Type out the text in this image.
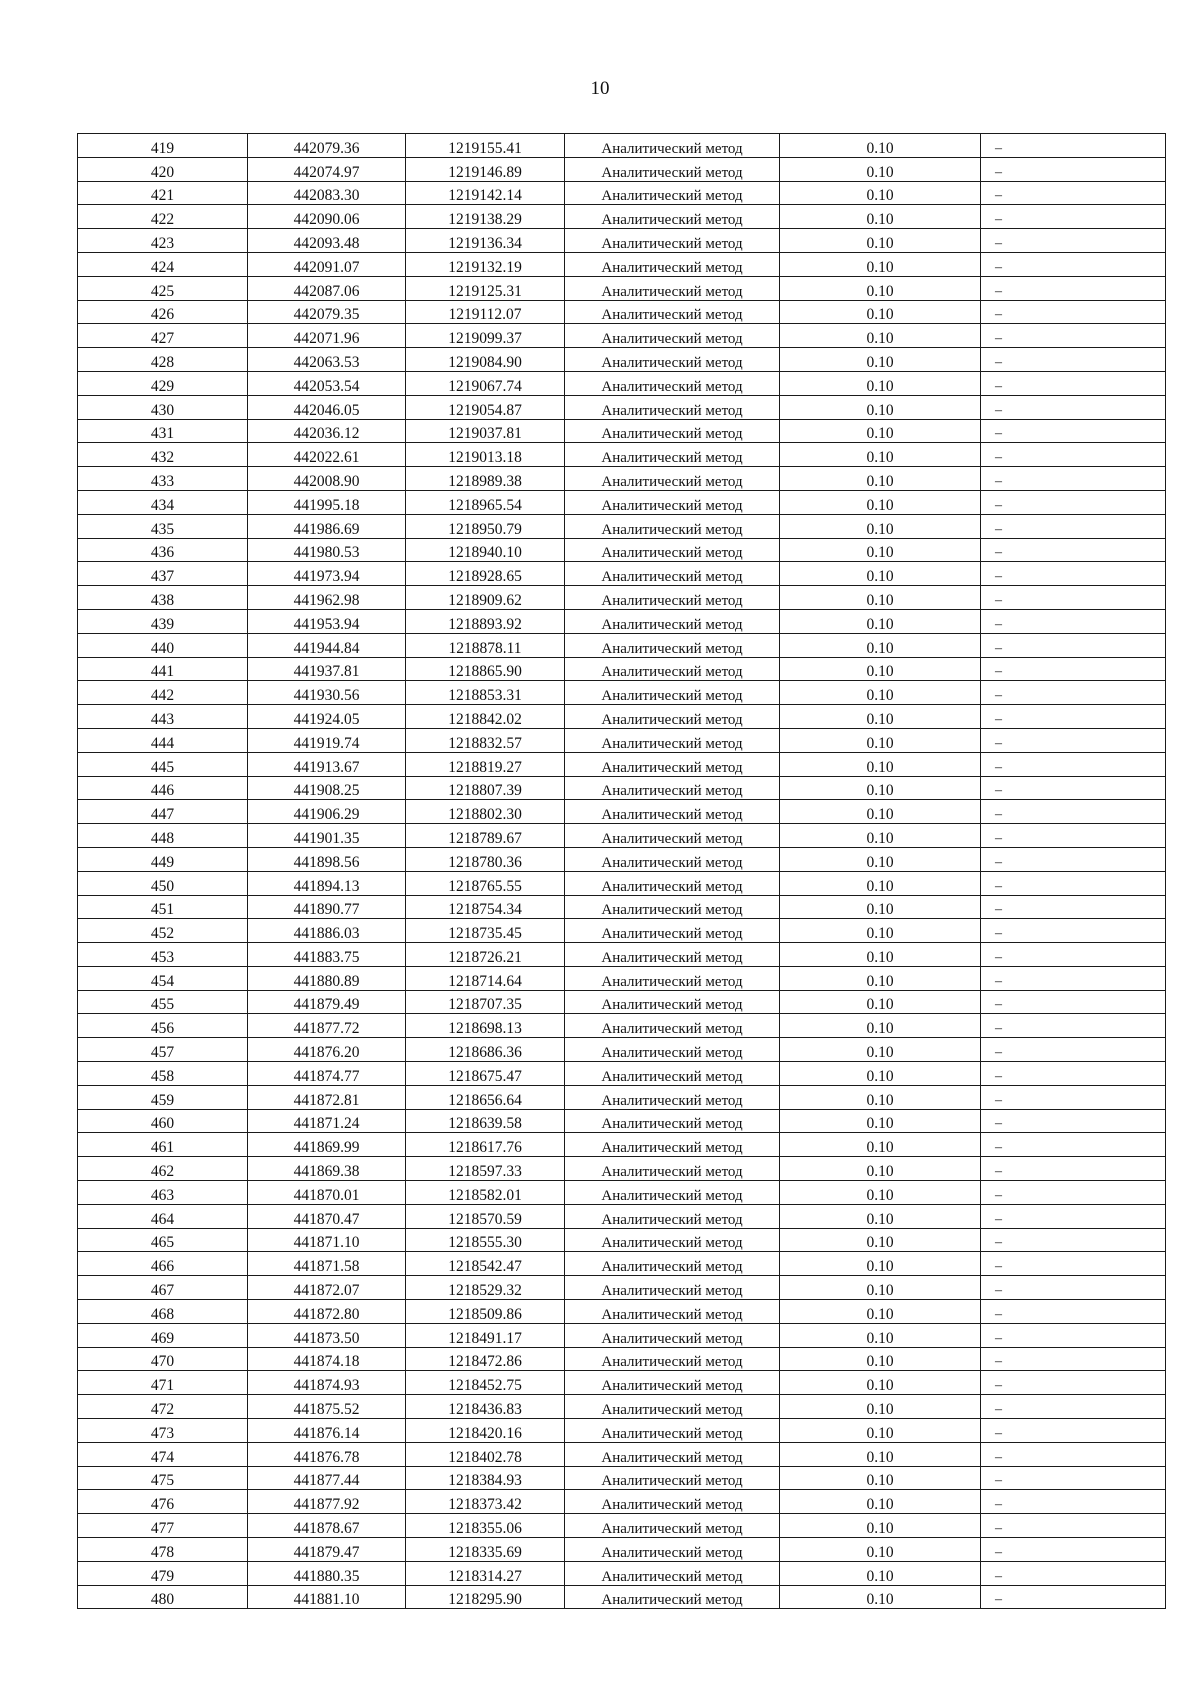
10
419	442079.36	1219155.41	Аналитический метод	0.10	–
420	442074.97	1219146.89	Аналитический метод	0.10	–
421	442083.30	1219142.14	Аналитический метод	0.10	–
422	442090.06	1219138.29	Аналитический метод	0.10	–
423	442093.48	1219136.34	Аналитический метод	0.10	–
424	442091.07	1219132.19	Аналитический метод	0.10	–
425	442087.06	1219125.31	Аналитический метод	0.10	–
426	442079.35	1219112.07	Аналитический метод	0.10	–
427	442071.96	1219099.37	Аналитический метод	0.10	–
428	442063.53	1219084.90	Аналитический метод	0.10	–
429	442053.54	1219067.74	Аналитический метод	0.10	–
430	442046.05	1219054.87	Аналитический метод	0.10	–
431	442036.12	1219037.81	Аналитический метод	0.10	–
432	442022.61	1219013.18	Аналитический метод	0.10	–
433	442008.90	1218989.38	Аналитический метод	0.10	–
434	441995.18	1218965.54	Аналитический метод	0.10	–
435	441986.69	1218950.79	Аналитический метод	0.10	–
436	441980.53	1218940.10	Аналитический метод	0.10	–
437	441973.94	1218928.65	Аналитический метод	0.10	–
438	441962.98	1218909.62	Аналитический метод	0.10	–
439	441953.94	1218893.92	Аналитический метод	0.10	–
440	441944.84	1218878.11	Аналитический метод	0.10	–
441	441937.81	1218865.90	Аналитический метод	0.10	–
442	441930.56	1218853.31	Аналитический метод	0.10	–
443	441924.05	1218842.02	Аналитический метод	0.10	–
444	441919.74	1218832.57	Аналитический метод	0.10	–
445	441913.67	1218819.27	Аналитический метод	0.10	–
446	441908.25	1218807.39	Аналитический метод	0.10	–
447	441906.29	1218802.30	Аналитический метод	0.10	–
448	441901.35	1218789.67	Аналитический метод	0.10	–
449	441898.56	1218780.36	Аналитический метод	0.10	–
450	441894.13	1218765.55	Аналитический метод	0.10	–
451	441890.77	1218754.34	Аналитический метод	0.10	–
452	441886.03	1218735.45	Аналитический метод	0.10	–
453	441883.75	1218726.21	Аналитический метод	0.10	–
454	441880.89	1218714.64	Аналитический метод	0.10	–
455	441879.49	1218707.35	Аналитический метод	0.10	–
456	441877.72	1218698.13	Аналитический метод	0.10	–
457	441876.20	1218686.36	Аналитический метод	0.10	–
458	441874.77	1218675.47	Аналитический метод	0.10	–
459	441872.81	1218656.64	Аналитический метод	0.10	–
460	441871.24	1218639.58	Аналитический метод	0.10	–
461	441869.99	1218617.76	Аналитический метод	0.10	–
462	441869.38	1218597.33	Аналитический метод	0.10	–
463	441870.01	1218582.01	Аналитический метод	0.10	–
464	441870.47	1218570.59	Аналитический метод	0.10	–
465	441871.10	1218555.30	Аналитический метод	0.10	–
466	441871.58	1218542.47	Аналитический метод	0.10	–
467	441872.07	1218529.32	Аналитический метод	0.10	–
468	441872.80	1218509.86	Аналитический метод	0.10	–
469	441873.50	1218491.17	Аналитический метод	0.10	–
470	441874.18	1218472.86	Аналитический метод	0.10	–
471	441874.93	1218452.75	Аналитический метод	0.10	–
472	441875.52	1218436.83	Аналитический метод	0.10	–
473	441876.14	1218420.16	Аналитический метод	0.10	–
474	441876.78	1218402.78	Аналитический метод	0.10	–
475	441877.44	1218384.93	Аналитический метод	0.10	–
476	441877.92	1218373.42	Аналитический метод	0.10	–
477	441878.67	1218355.06	Аналитический метод	0.10	–
478	441879.47	1218335.69	Аналитический метод	0.10	–
479	441880.35	1218314.27	Аналитический метод	0.10	–
480	441881.10	1218295.90	Аналитический метод	0.10	–
